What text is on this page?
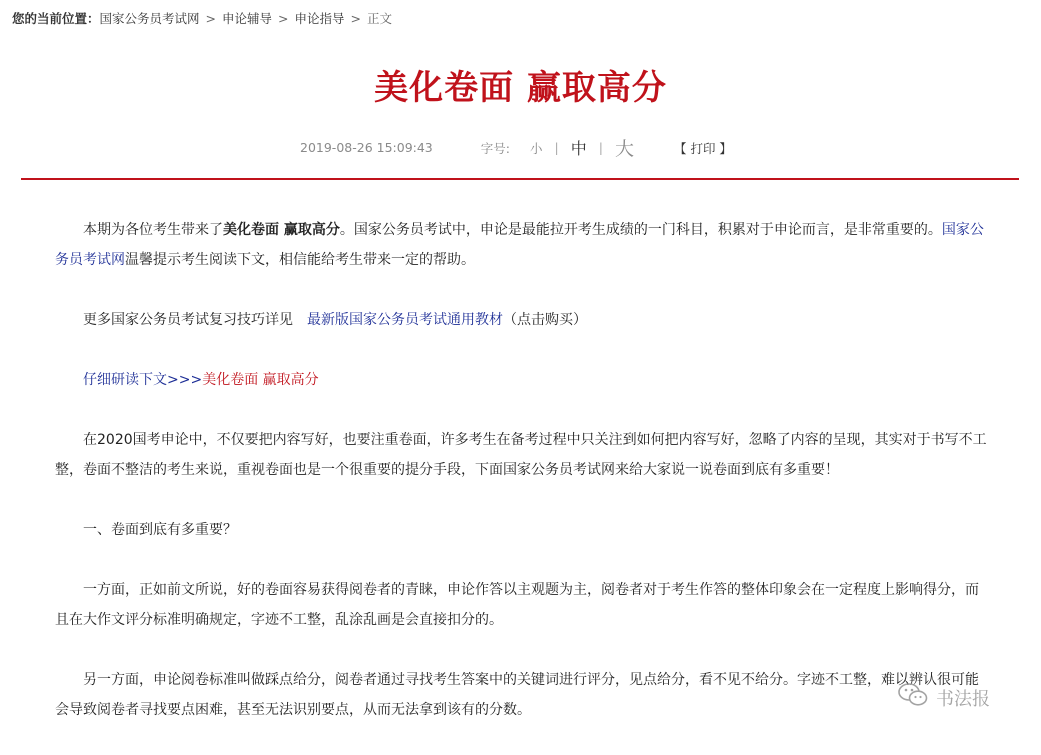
您的当前位置：国家公务员考试网 > 申论辅导 > 申论指导 > 正文
美化卷面 赢取高分
2019-08-26 15:09:43	字号: 小 | 中 | 大	【 打印 】

本期为各位考生带来了美化卷面 赢取高分。国家公务员考试中，申论是最能拉开考生成绩的一门科目，积累对于申论而言，是非常重要的。国家公务员考试网温馨提示考生阅读下文，相信能给考生带来一定的帮助。

更多国家公务员考试复习技巧详见　最新版国家公务员考试通用教材（点击购买）

仔细研读下文>>>美化卷面 赢取高分

在2020国考申论中，不仅要把内容写好，也要注重卷面，许多考生在备考过程中只关注到如何把内容写好，忽略了内容的呈现，其实对于书写不工整，卷面不整洁的考生来说，重视卷面也是一个很重要的提分手段，下面国家公务员考试网来给大家说一说卷面到底有多重要！

一、卷面到底有多重要？

一方面，正如前文所说，好的卷面容易获得阅卷者的青睐，申论作答以主观题为主，阅卷者对于考生作答的整体印象会在一定程度上影响得分，而且在大作文评分标准明确规定，字迹不工整，乱涂乱画是会直接扣分的。

另一方面，申论阅卷标准叫做踩点给分，阅卷者通过寻找考生答案中的关键词进行评分，见点给分，看不见不给分。字迹不工整，难以辨认很可能会导致阅卷者寻找要点困难，甚至无法识别要点，从而无法拿到该有的分数。

书法报
